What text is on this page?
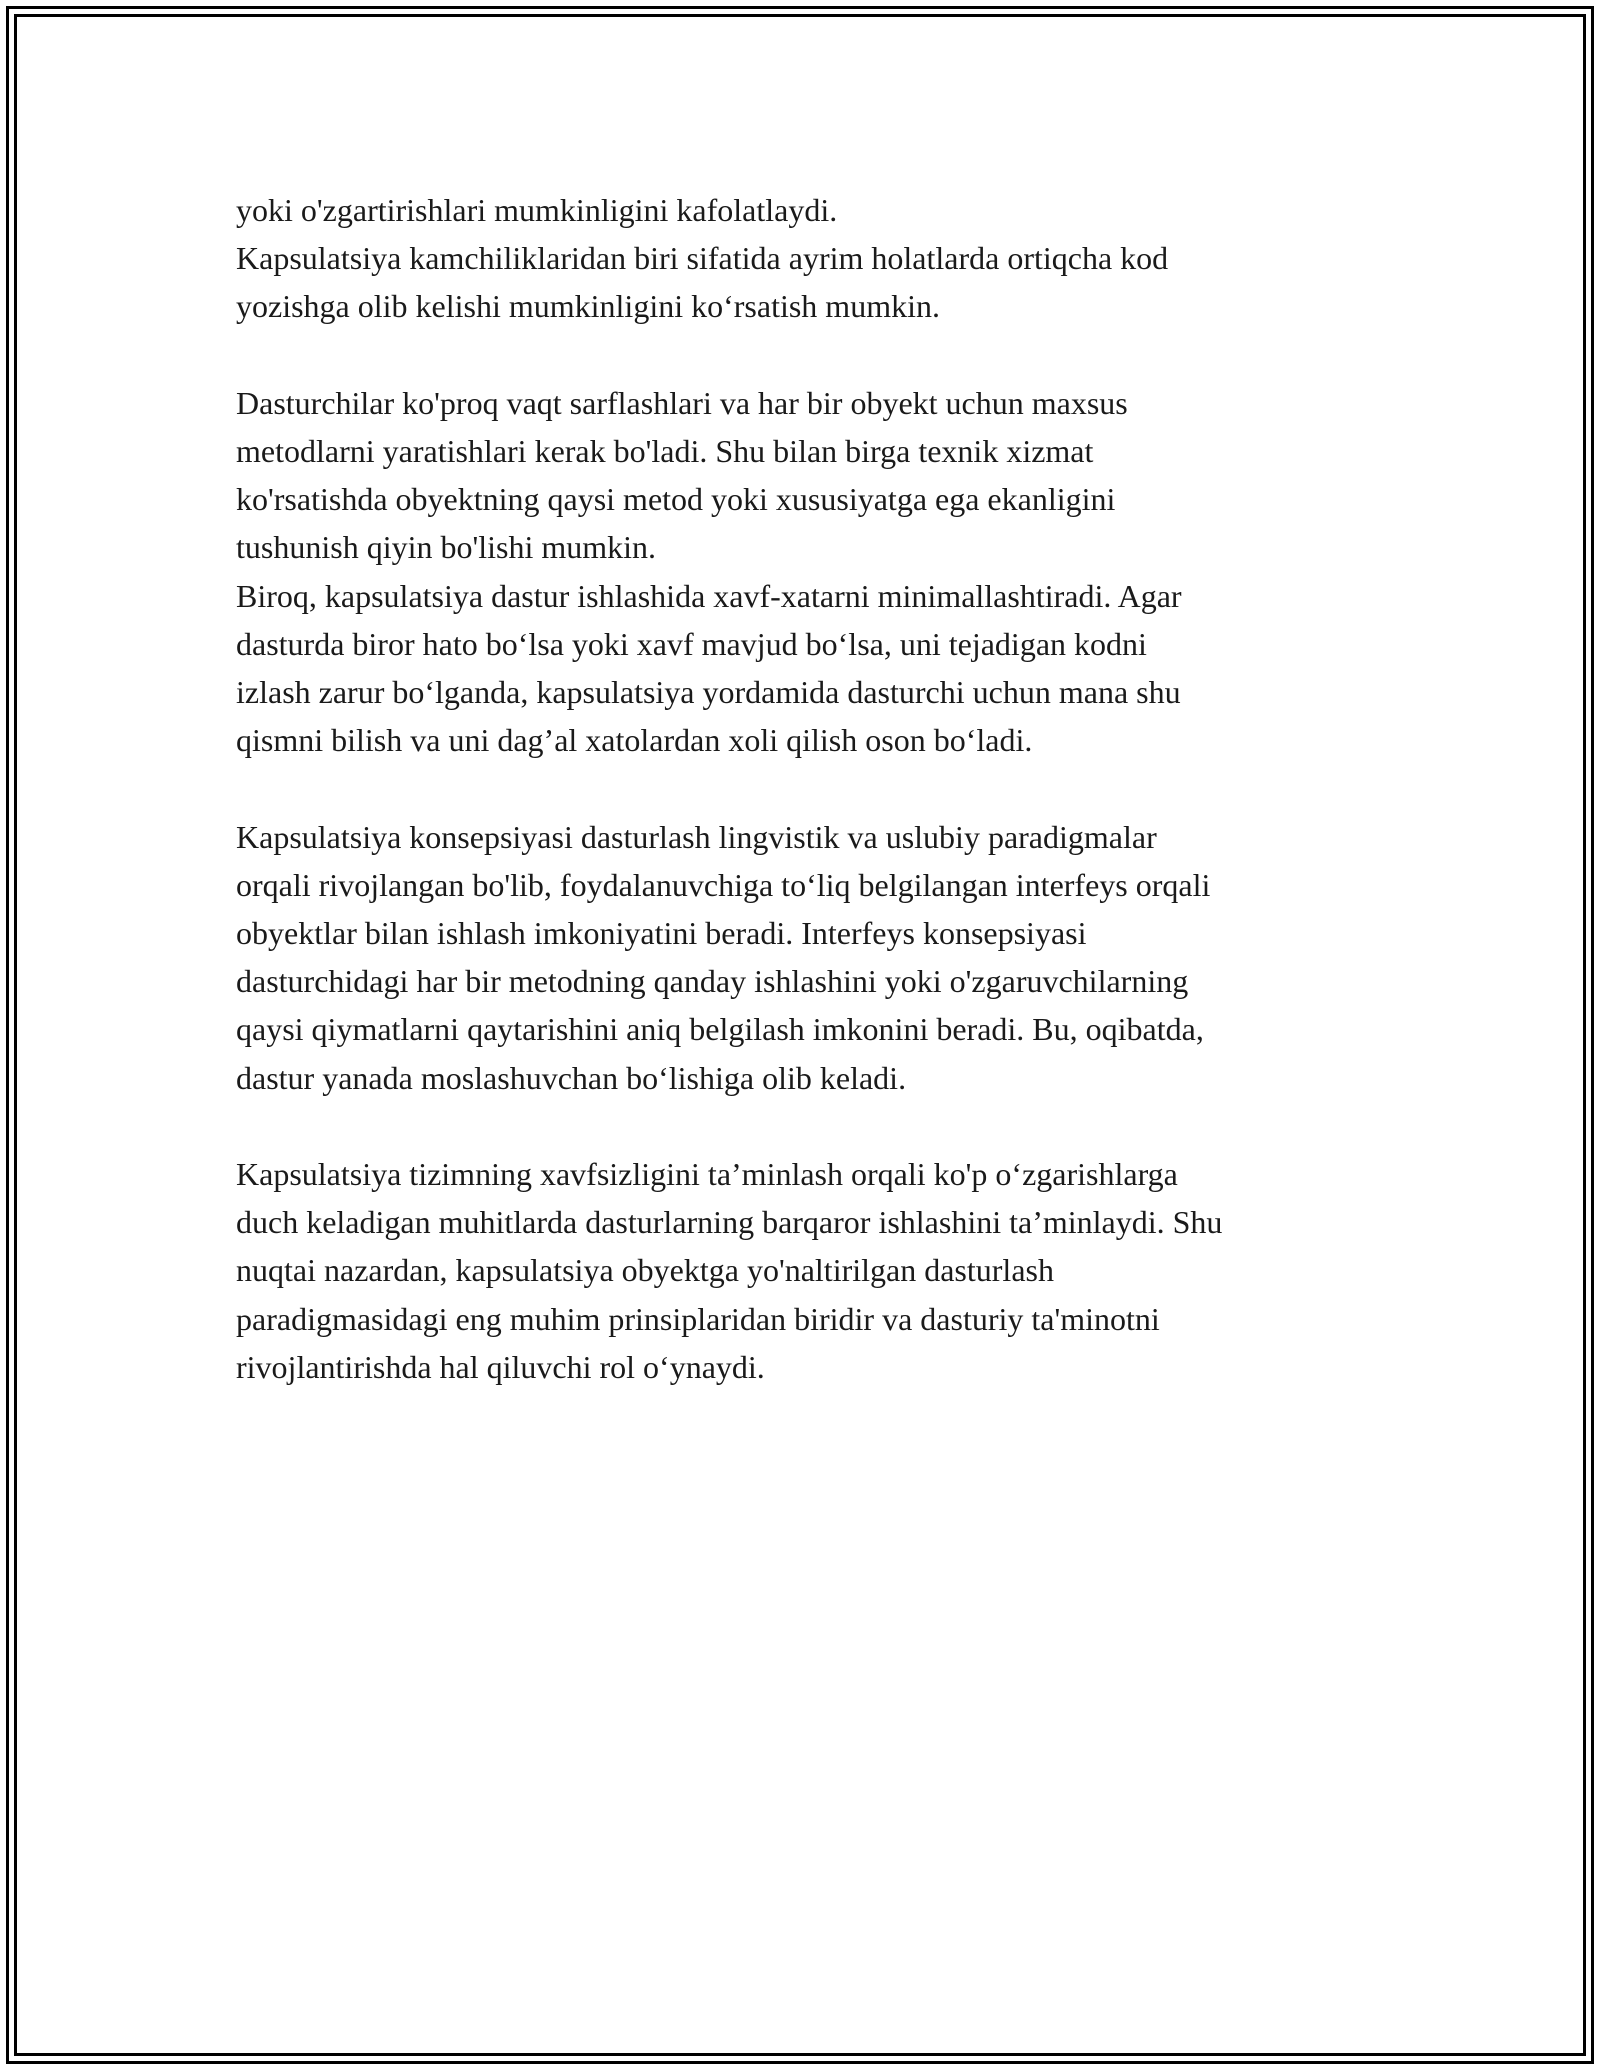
yoki o'zgartirishlari mumkinligini kafolatlaydi.
Kapsulatsiya kamchiliklaridan biri sifatida ayrim holatlarda ortiqcha kod
yozishga olib kelishi mumkinligini ko‘rsatish mumkin.
Dasturchilar ko'proq vaqt sarflashlari va har bir obyekt uchun maxsus
metodlarni yaratishlari kerak bo'ladi. Shu bilan birga texnik xizmat
ko'rsatishda obyektning qaysi metod yoki xususiyatga ega ekanligini
tushunish qiyin bo'lishi mumkin.
Biroq, kapsulatsiya dastur ishlashida xavf-xatarni minimallashtiradi. Agar
dasturda biror hato bo‘lsa yoki xavf mavjud bo‘lsa, uni tejadigan kodni
izlash zarur bo‘lganda, kapsulatsiya yordamida dasturchi uchun mana shu
qismni bilish va uni dag’al xatolardan xoli qilish oson bo‘ladi.
Kapsulatsiya konsepsiyasi dasturlash lingvistik va uslubiy paradigmalar
orqali rivojlangan bo'lib, foydalanuvchiga to‘liq belgilangan interfeys orqali
obyektlar bilan ishlash imkoniyatini beradi. Interfeys konsepsiyasi
dasturchidagi har bir metodning qanday ishlashini yoki o'zgaruvchilarning
qaysi qiymatlarni qaytarishini aniq belgilash imkonini beradi. Bu, oqibatda,
dastur yanada moslashuvchan bo‘lishiga olib keladi.
Kapsulatsiya tizimning xavfsizligini ta’minlash orqali ko'p o‘zgarishlarga
duch keladigan muhitlarda dasturlarning barqaror ishlashini ta’minlaydi. Shu
nuqtai nazardan, kapsulatsiya obyektga yo'naltirilgan dasturlash
paradigmasidagi eng muhim prinsiplaridan biridir va dasturiy ta'minotni
rivojlantirishda hal qiluvchi rol o‘ynaydi.
